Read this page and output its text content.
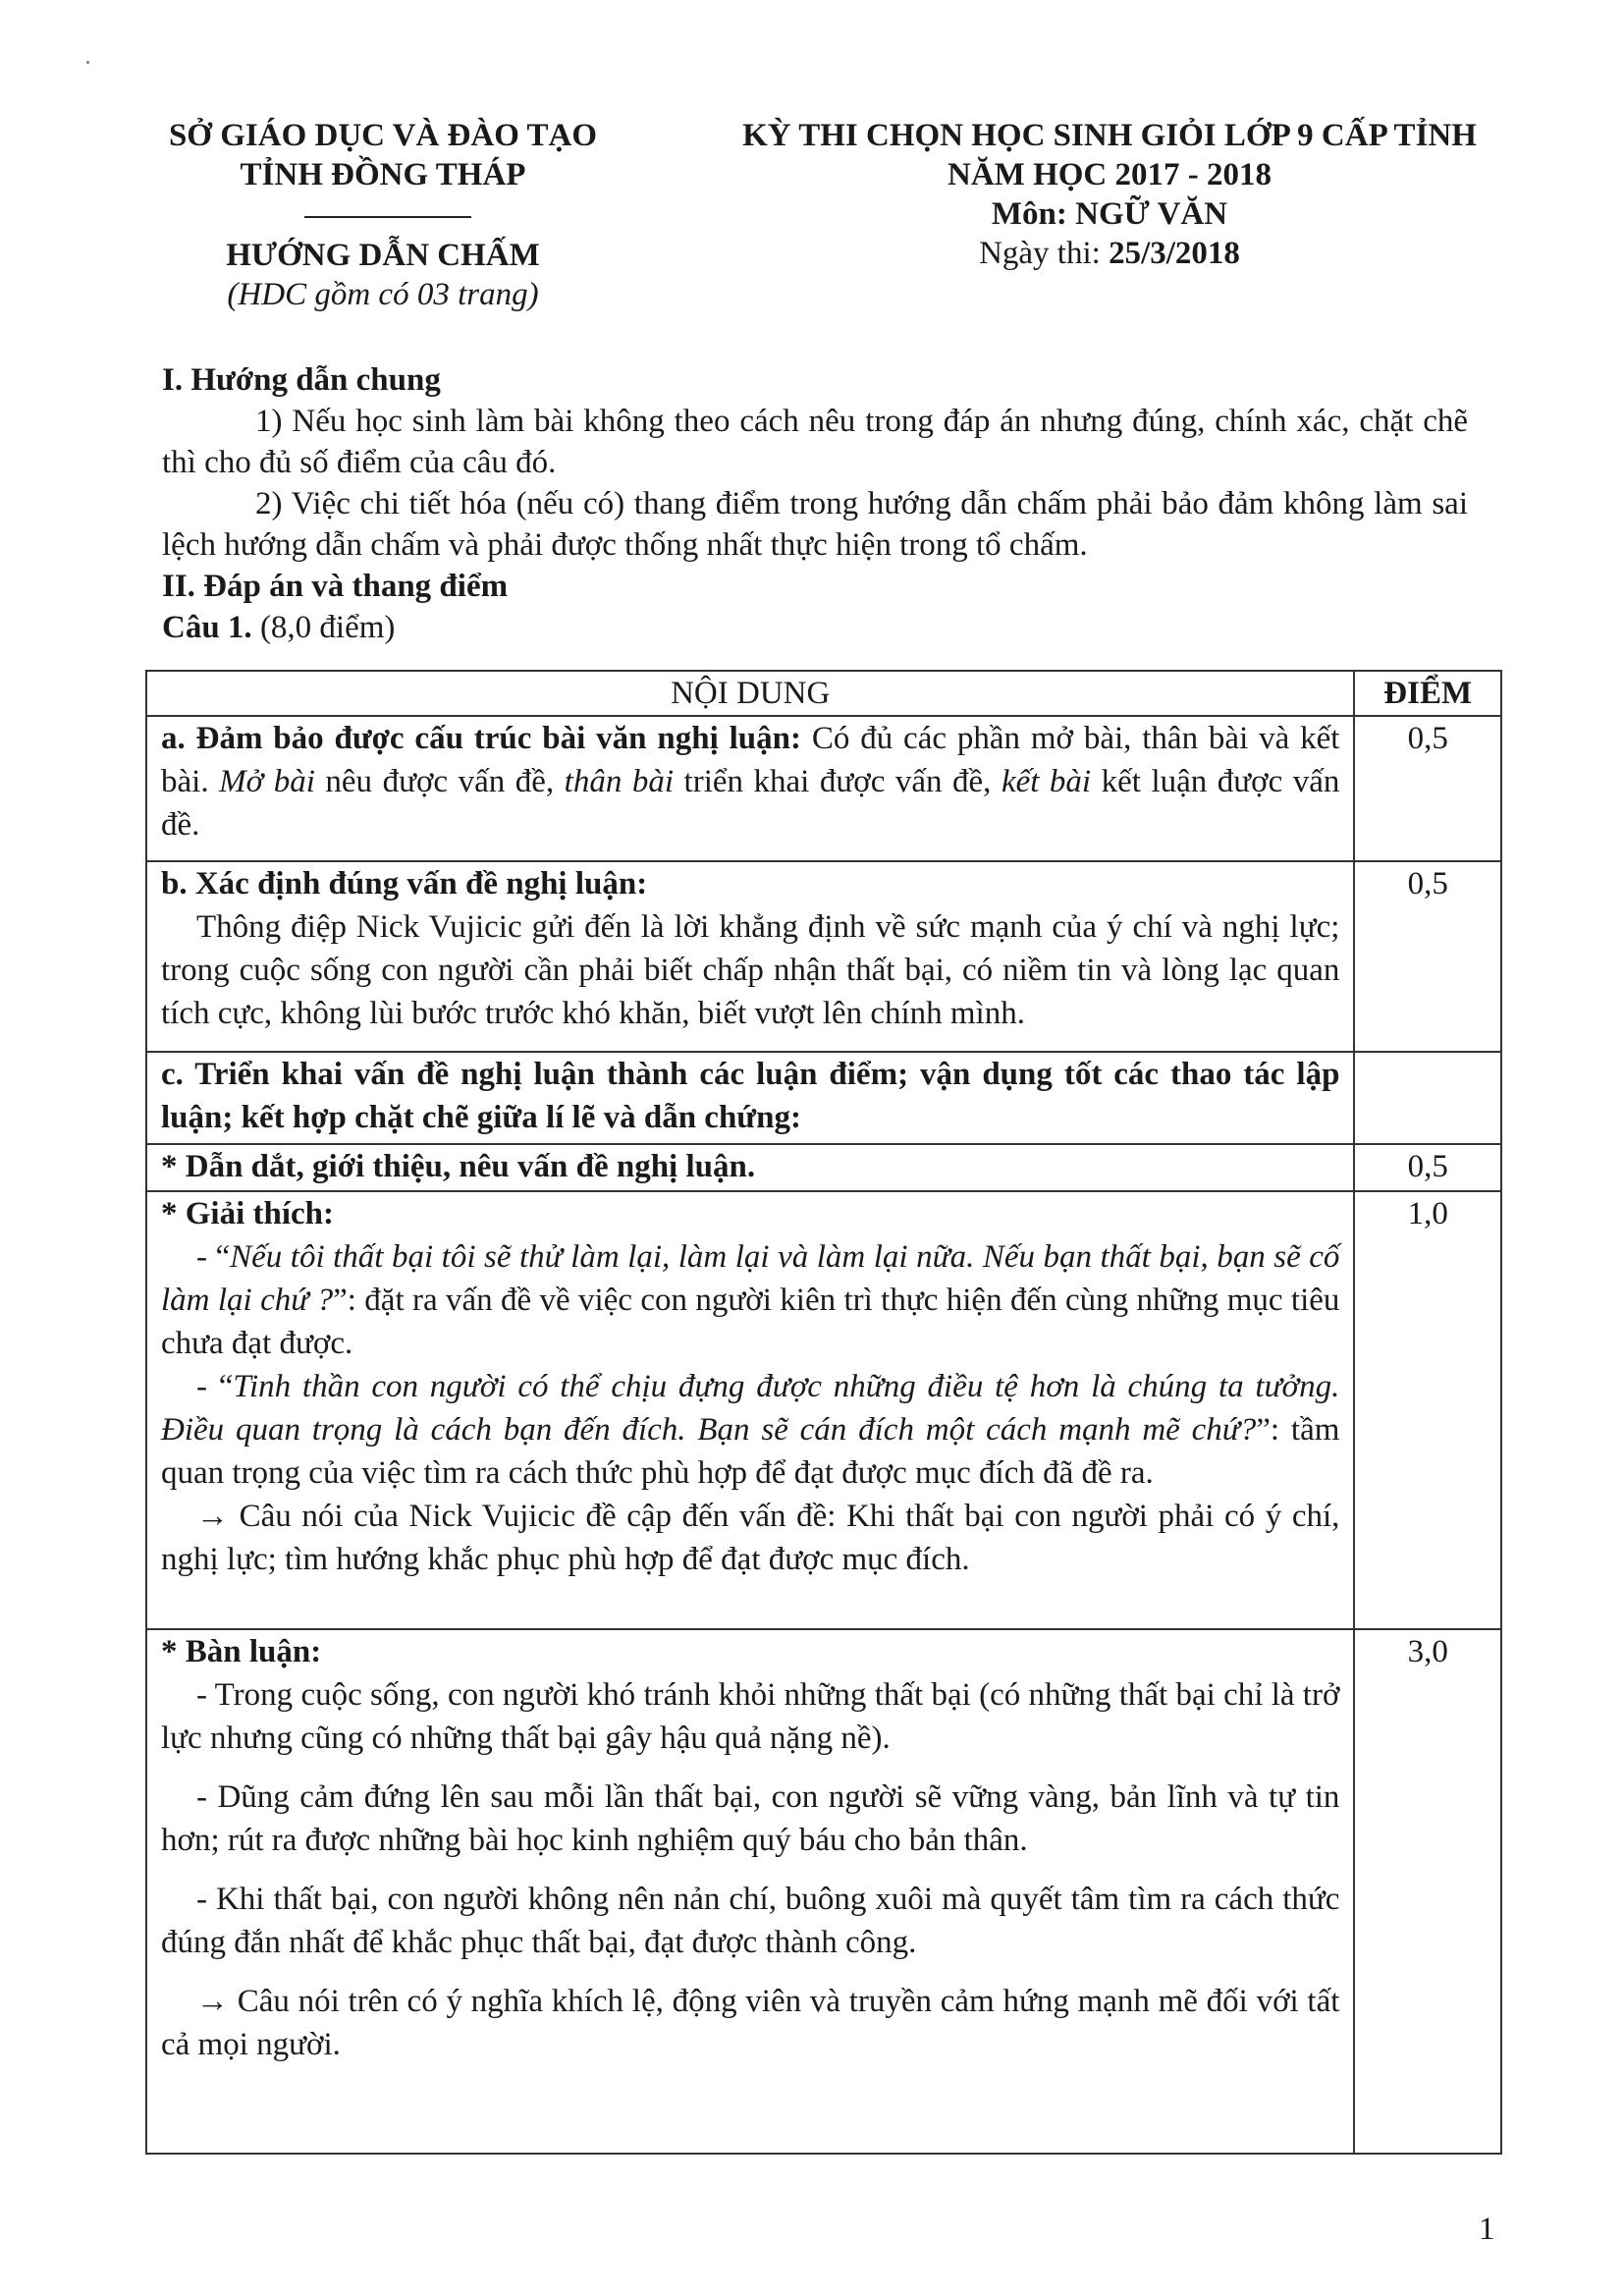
SỞ GIÁO DỤC VÀ ĐÀO TẠO
TỈNH ĐỒNG THÁP
HƯỚNG DẪN CHẤM
(HDC gồm có 03 trang)
KỲ THI CHỌN HỌC SINH GIỎI LỚP 9 CẤP TỈNH
NĂM HỌC 2017 - 2018
Môn: NGỮ VĂN
Ngày thi: 25/3/2018

I. Hướng dẫn chung

1) Nếu học sinh làm bài không theo cách nêu trong đáp án nhưng đúng, chính xác, chặt chẽ thì cho đủ số điểm của câu đó.

2) Việc chi tiết hóa (nếu có) thang điểm trong hướng dẫn chấm phải bảo đảm không làm sai lệch hướng dẫn chấm và phải được thống nhất thực hiện trong tổ chấm.

II. Đáp án và thang điểm

Câu 1. (8,0 điểm)

NỘI DUNG	ĐIỂM

a. Đảm bảo được cấu trúc bài văn nghị luận: Có đủ các phần mở bài, thân bài và kết bài. Mở bài nêu được vấn đề, thân bài triển khai được vấn đề, kết bài kết luận được vấn đề.	0,5

b. Xác định đúng vấn đề nghị luận:

Thông điệp Nick Vujicic gửi đến là lời khẳng định về sức mạnh của ý chí và nghị lực; trong cuộc sống con người cần phải biết chấp nhận thất bại, có niềm tin và lòng lạc quan tích cực, không lùi bước trước khó khăn, biết vượt lên chính mình.	0,5

c. Triển khai vấn đề nghị luận thành các luận điểm; vận dụng tốt các thao tác lập luận; kết hợp chặt chẽ giữa lí lẽ và dẫn chứng:	

* Dẫn dắt, giới thiệu, nêu vấn đề nghị luận.	0,5

* Giải thích:

- “Nếu tôi thất bại tôi sẽ thử làm lại, làm lại và làm lại nữa. Nếu bạn thất bại, bạn sẽ cố làm lại chứ ?”: đặt ra vấn đề về việc con người kiên trì thực hiện đến cùng những mục tiêu chưa đạt được.

- “Tinh thần con người có thể chịu đựng được những điều tệ hơn là chúng ta tưởng. Điều quan trọng là cách bạn đến đích. Bạn sẽ cán đích một cách mạnh mẽ chứ?”: tầm quan trọng của việc tìm ra cách thức phù hợp để đạt được mục đích đã đề ra.

→ Câu nói của Nick Vujicic đề cập đến vấn đề: Khi thất bại con người phải có ý chí, nghị lực; tìm hướng khắc phục phù hợp để đạt được mục đích.	1,0

* Bàn luận:

- Trong cuộc sống, con người khó tránh khỏi những thất bại (có những thất bại chỉ là trở lực nhưng cũng có những thất bại gây hậu quả nặng nề).

- Dũng cảm đứng lên sau mỗi lần thất bại, con người sẽ vững vàng, bản lĩnh và tự tin hơn; rút ra được những bài học kinh nghiệm quý báu cho bản thân.

- Khi thất bại, con người không nên nản chí, buông xuôi mà quyết tâm tìm ra cách thức đúng đắn nhất để khắc phục thất bại, đạt được thành công.

→ Câu nói trên có ý nghĩa khích lệ, động viên và truyền cảm hứng mạnh mẽ đối với tất cả mọi người.	3,0
1
